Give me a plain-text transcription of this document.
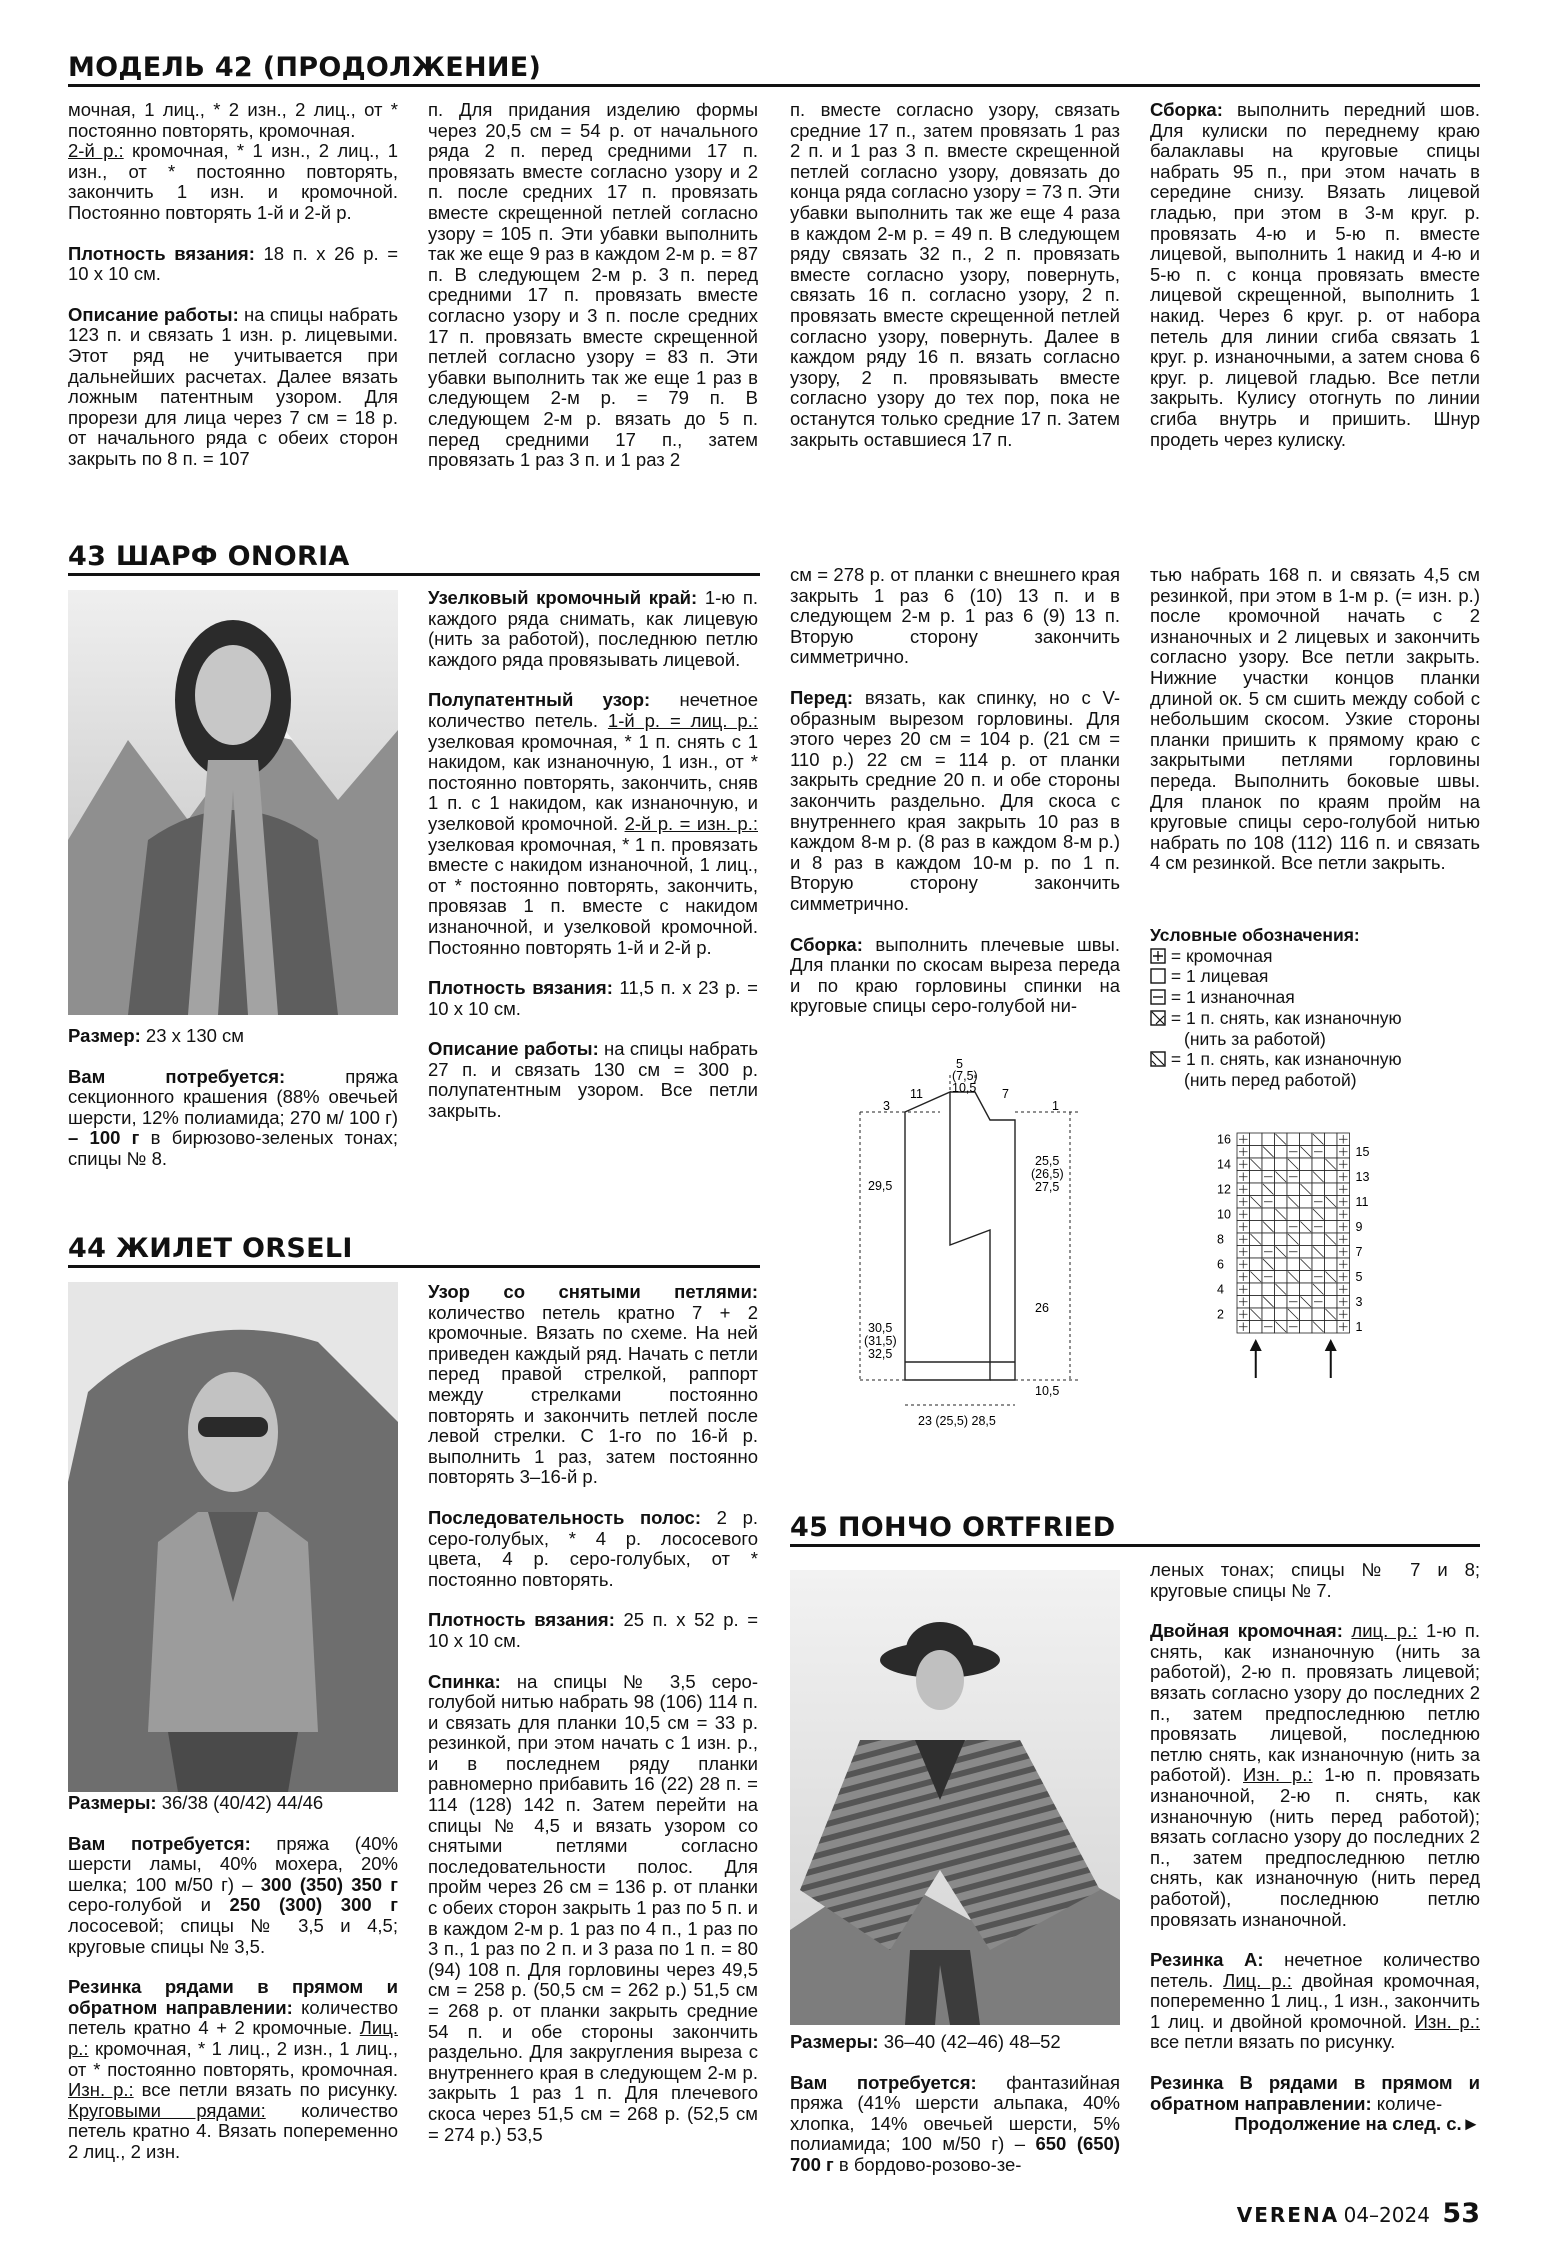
МОДЕЛЬ 42 (ПРОДОЛЖЕНИЕ)

мочная, 1 лиц., * 2 изн., 2 лиц., от * постоянно повторять, кромочная.
2-й р.: кромочная, * 1 изн., 2 лиц., 1 изн., от * постоянно повторять, закончить 1 изн. и кромочной. Постоянно повторять 1-й и 2-й р.

Плотность вязания: 18 п. х 26 р. = 10 х 10 см.

Описание работы: на спицы набрать 123 п. и связать 1 изн. р. лицевыми. Этот ряд не учитывается при дальнейших расчетах. Далее вязать ложным патентным узором. Для прорези для лица через 7 см = 18 р. от начального ряда с обеих сторон закрыть по 8 п. = 107

п. Для придания изделию формы через 20,5 см = 54 р. от начального ряда 2 п. перед средними 17 п. провязать вместе согласно узору и 2 п. после средних 17 п. провязать вместе скрещенной петлей согласно узору = 105 п. Эти убавки выполнить так же еще 9 раз в каждом 2-м р. = 87 п. В следующем 2-м р. 3 п. перед средними 17 п. провязать вместе согласно узору и 3 п. после средних 17 п. провязать вместе скрещенной петлей согласно узору = 83 п. Эти убавки выполнить так же еще 1 раз в следующем 2-м р. = 79 п. В следующем 2-м р. вязать до 5 п. перед средними 17 п., затем провязать 1 раз 3 п. и 1 раз 2

п. вместе согласно узору, связать средние 17 п., затем провязать 1 раз 2 п. и 1 раз 3 п. вместе скрещенной петлей согласно узору, довязать до конца ряда согласно узору = 73 п. Эти убавки выполнить так же еще 4 раза в каждом 2-м р. = 49 п. В следующем ряду связать 32 п., 2 п. провязать вместе согласно узору, повернуть, связать 16 п. согласно узору, 2 п. провязать вместе скрещенной петлей согласно узору, повернуть. Далее в каждом ряду 16 п. вязать согласно узору, 2 п. провязывать вместе согласно узору до тех пор, пока не останутся только средние 17 п. Затем закрыть оставшиеся 17 п.

Сборка: выполнить передний шов. Для кулиски по переднему краю балаклавы на круговые спицы набрать 95 п., при этом начать в середине снизу. Вязать лицевой гладью, при этом в 3-м круг. р. провязать 4-ю и 5-ю п. вместе лицевой, выполнить 1 накид и 4-ю и 5-ю п. с конца провязать вместе лицевой скрещенной, выполнить 1 накид. Через 6 круг. р. от набора петель для линии сгиба связать 1 круг. р. изнаночными, а затем снова 6 круг. р. лицевой гладью. Все петли закрыть. Кулису отогнуть по линии сгиба внутрь и пришить. Шнур продеть через кулиску.

43 ШАРФ ONORIA

Размер: 23 х 130 см

Вам потребуется: пряжа секционного крашения (88% овечьей шерсти, 12% полиамида; 270 м/ 100 г) – 100 г в бирюзово-зеленых тонах; спицы № 8.

Узелковый кромочный край: 1-ю п. каждого ряда снимать, как лицевую (нить за работой), последнюю петлю каждого ряда провязывать лицевой.

Полупатентный узор: нечетное количество петель. 1-й р. = лиц. р.: узелковая кромочная, * 1 п. снять с 1 накидом, как изнаночную, 1 изн., от * постоянно повторять, закончить, сняв 1 п. с 1 накидом, как изнаночную, и узелковой кромочной. 2-й р. = изн. р.: узелковая кромочная, * 1 п. провязать вместе с накидом изнаночной, 1 лиц., от * постоянно повторять, закончить, провязав 1 п. вместе с накидом изнаночной, и узелковой кромочной. Постоянно повторять 1-й и 2-й р.

Плотность вязания: 11,5 п. х 23 р. = 10 х 10 см.

Описание работы: на спицы набрать 27 п. и связать 130 см = 300 р. полупатентным узором. Все петли закрыть.

44 ЖИЛЕТ ORSELI

Размеры: 36/38 (40/42) 44/46

Вам потребуется: пряжа (40% шерсти ламы, 40% мохера, 20% шелка; 100 м/50 г) – 300 (350) 350 г серо-голубой и 250 (300) 300 г лососевой; спицы № 3,5 и 4,5; круговые спицы № 3,5.

Резинка рядами в прямом и обратном направлении: количество петель кратно 4 + 2 кромочные. Лиц. р.: кромочная, * 1 лиц., 2 изн., 1 лиц., от * постоянно повторять, кромочная. Изн. р.: все петли вязать по рисунку. Круговыми рядами: количество петель кратно 4. Вязать попеременно 2 лиц., 2 изн.

Узор со снятыми петлями: количество петель кратно 7 + 2 кромочные. Вязать по схеме. На ней приведен каждый ряд. Начать с петли перед правой стрелкой, раппорт между стрелками постоянно повторять и закончить петлей после левой стрелки. С 1-го по 16-й р. выполнить 1 раз, затем постоянно повторять 3–16-й р.

Последовательность полос: 2 р. серо-голубых, * 4 р. лососевого цвета, 4 р. серо-голубых, от * постоянно повторять.

Плотность вязания: 25 п. х 52 р. = 10 х 10 см.

Спинка: на спицы № 3,5 серо-голубой нитью набрать 98 (106) 114 п. и связать для планки 10,5 см = 33 р. резинкой, при этом начать с 1 изн. р., и в последнем ряду планки равномерно прибавить 16 (22) 28 п. = 114 (128) 142 п. Затем перейти на спицы № 4,5 и вязать узором со снятыми петлями согласно последовательности полос. Для пройм через 26 см = 136 р. от планки с обеих сторон закрыть 1 раз по 5 п. и в каждом 2-м р. 1 раз по 4 п., 1 раз по 3 п., 1 раз по 2 п. и 3 раза по 1 п. = 80 (94) 108 п. Для горловины через 49,5 см = 258 р. (50,5 см = 262 р.) 51,5 см = 268 р. от планки закрыть средние 54 п. и обе стороны закончить раздельно. Для закругления выреза с внутреннего края в следующем 2-м р. закрыть 1 раз 1 п. Для плечевого скоса через 51,5 см = 268 р. (52,5 см = 274 р.) 53,5

см = 278 р. от планки с внешнего края закрыть 1 раз 6 (10) 13 п. и в следующем 2-м р. 1 раз 6 (9) 13 п. Вторую сторону закончить симметрично.

Перед: вязать, как спинку, но с V-образным вырезом горловины. Для этого через 20 см = 104 р. (21 см = 110 р.) 22 см = 114 р. от планки закрыть средние 20 п. и обе стороны закончить раздельно. Для скоса с внутреннего края закрыть 10 раз в каждом 8-м р. (8 раз в каждом 8-м р.) и 8 раз в каждом 10-м р. по 1 п. Вторую сторону закончить симметрично.

Сборка: выполнить плечевые швы. Для планки по скосам выреза переда и по краю горловины спинки на круговые спицы серо-голубой ни-

тью набрать 168 п. и связать 4,5 см резинкой, при этом в 1-м р. (= изн. р.) после кромочной начать с 2 изнаночных и 2 лицевых и закончить согласно узору. Все петли закрыть. Нижние участки концов планки длиной ок. 5 см сшить между собой с небольшим скосом. Узкие стороны планки пришить к прямому краю с закрытыми петлями горловины переда. Выполнить боковые швы. Для планок по краям пройм на круговые спицы серо-голубой нитью набрать по 108 (112) 116 п. и связать 4 см резинкой. Все петли закрыть.

Условные обозначения:
= кромочная
= 1 лицевая
= 1 изнаночная
= 1 п. снять, как изнаночную
(нить за работой)
= 1 п. снять, как изнаночную
(нить перед работой)
11
5
(7,5)
10,5 7
3	1
29,5
25,5
(26,5)
27,5
30,5
(31,5)
32,5
26
10,5
23 (25,5) 28,5
16
14
12
10
8
6
4
2
15
13
11
9
7
5
3
1
45 ПОНЧО ORTFRIED

Размеры: 36–40 (42–46) 48–52

Вам потребуется: фантазийная пряжа (41% шерсти альпака, 40% хлопка, 14% овечьей шерсти, 5% полиамида; 100 м/50 г) – 650 (650) 700 г в бордово-розово-зе-

леных тонах; спицы № 7 и 8; круговые спицы № 7.

Двойная кромочная: лиц. р.: 1-ю п. снять, как изнаночную (нить за работой), 2-ю п. провязать лицевой; вязать согласно узору до последних 2 п., затем предпоследнюю петлю провязать лицевой, последнюю петлю снять, как изнаночную (нить за работой). Изн. р.: 1-ю п. провязать изнаночной, 2-ю п. снять, как изнаночную (нить перед работой); вязать согласно узору до последних 2 п., затем предпоследнюю петлю снять, как изнаночную (нить перед работой), последнюю петлю провязать изнаночной.

Резинка А: нечетное количество петель. Лиц. р.: двойная кромочная, попеременно 1 лиц., 1 изн., закончить 1 лиц. и двойной кромочной. Изн. р.: все петли вязать по рисунку.

Резинка В рядами в прямом и обратном направлении: количе-

Продолжение на след. с.►

VERENA 04–2024 53
